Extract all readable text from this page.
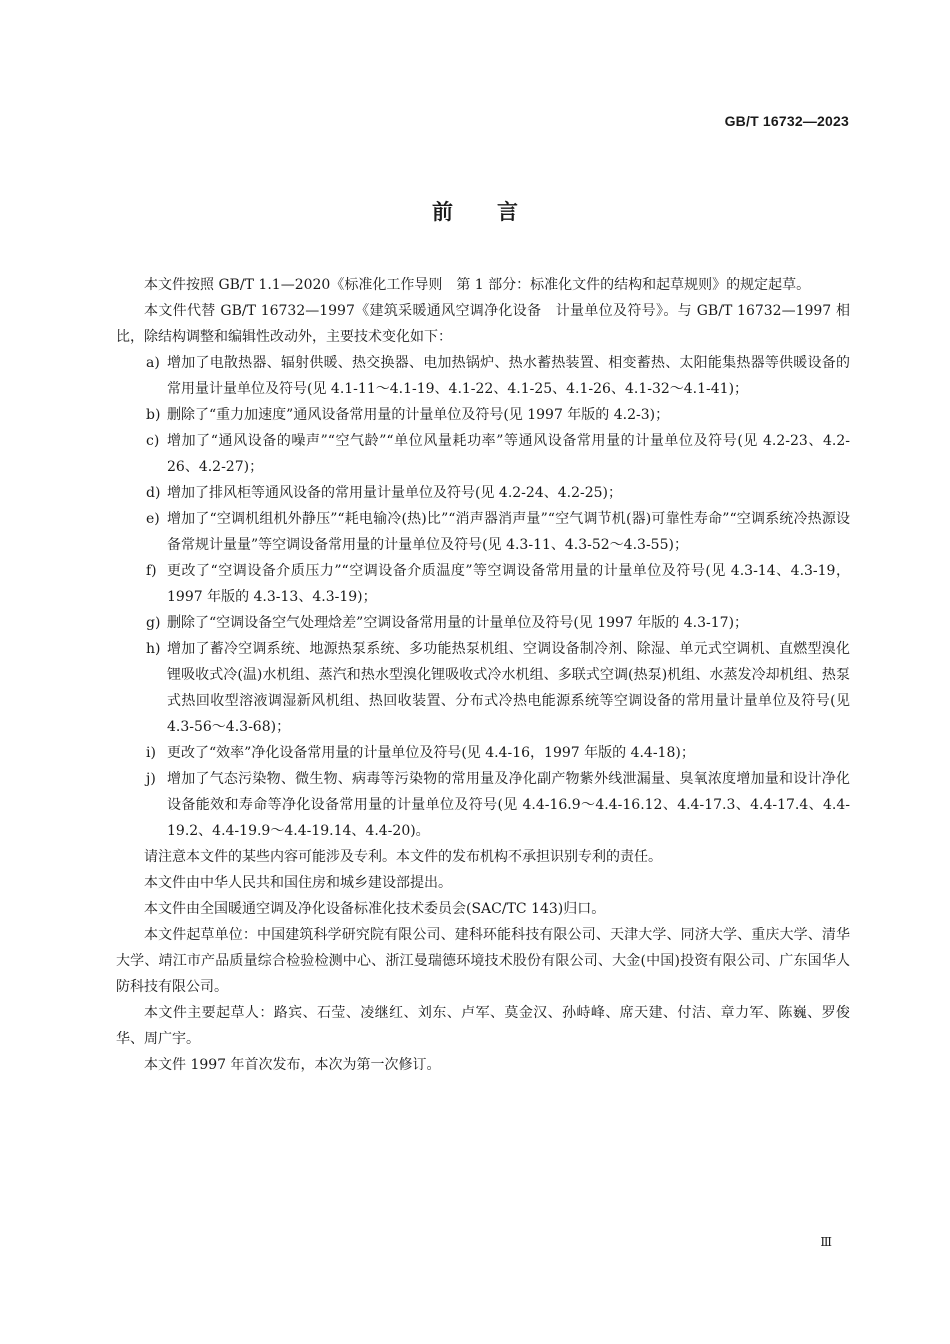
GB/T 16732—2023
前言

本文件按照 GB/T 1.1—2020《标准化工作导则　第 1 部分：标准化文件的结构和起草规则》的规定起草。

本文件代替 GB/T 16732—1997《建筑采暖通风空调净化设备　计量单位及符号》。与 GB/T 16732—1997 相比，除结构调整和编辑性改动外，主要技术变化如下：

a) 增加了电散热器、辐射供暖、热交换器、电加热锅炉、热水蓄热装置、相变蓄热、太阳能集热器等供暖设备的常用量计量单位及符号(见 4.1-11～4.1-19、4.1-22、4.1-25、4.1-26、4.1-32～4.1-41)；
b) 删除了“重力加速度”通风设备常用量的计量单位及符号(见 1997 年版的 4.2-3)；
c) 增加了“通风设备的噪声”“空气龄”“单位风量耗功率”等通风设备常用量的计量单位及符号(见 4.2-23、4.2-26、4.2-27)；
d) 增加了排风柜等通风设备的常用量计量单位及符号(见 4.2-24、4.2-25)；
e) 增加了“空调机组机外静压”“耗电输冷(热)比”“消声器消声量”“空气调节机(器)可靠性寿命”“空调系统冷热源设备常规计量量”等空调设备常用量的计量单位及符号(见 4.3-11、4.3-52～4.3-55)；
f) 更改了“空调设备介质压力”“空调设备介质温度”等空调设备常用量的计量单位及符号(见 4.3-14、4.3-19，1997 年版的 4.3-13、4.3-19)；
g) 删除了“空调设备空气处理焓差”空调设备常用量的计量单位及符号(见 1997 年版的 4.3-17)；
h) 增加了蓄冷空调系统、地源热泵系统、多功能热泵机组、空调设备制冷剂、除湿、单元式空调机、直燃型溴化锂吸收式冷(温)水机组、蒸汽和热水型溴化锂吸收式冷水机组、多联式空调(热泵)机组、水蒸发冷却机组、热泵式热回收型溶液调湿新风机组、热回收装置、分布式冷热电能源系统等空调设备的常用量计量单位及符号(见 4.3-56～4.3-68)；
i) 更改了“效率”净化设备常用量的计量单位及符号(见 4.4-16，1997 年版的 4.4-18)；
j) 增加了气态污染物、微生物、病毒等污染物的常用量及净化副产物紫外线泄漏量、臭氧浓度增加量和设计净化设备能效和寿命等净化设备常用量的计量单位及符号(见 4.4-16.9～4.4-16.12、4.4-17.3、4.4-17.4、4.4-19.2、4.4-19.9～4.4-19.14、4.4-20)。

请注意本文件的某些内容可能涉及专利。本文件的发布机构不承担识别专利的责任。

本文件由中华人民共和国住房和城乡建设部提出。

本文件由全国暖通空调及净化设备标准化技术委员会(SAC/TC 143)归口。

本文件起草单位：中国建筑科学研究院有限公司、建科环能科技有限公司、天津大学、同济大学、重庆大学、清华大学、靖江市产品质量综合检验检测中心、浙江曼瑞德环境技术股份有限公司、大金(中国)投资有限公司、广东国华人防科技有限公司。

本文件主要起草人：路宾、石莹、凌继红、刘东、卢军、莫金汉、孙峙峰、席天建、付洁、章力军、陈巍、罗俊华、周广宇。

本文件 1997 年首次发布，本次为第一次修订。

Ⅲ
